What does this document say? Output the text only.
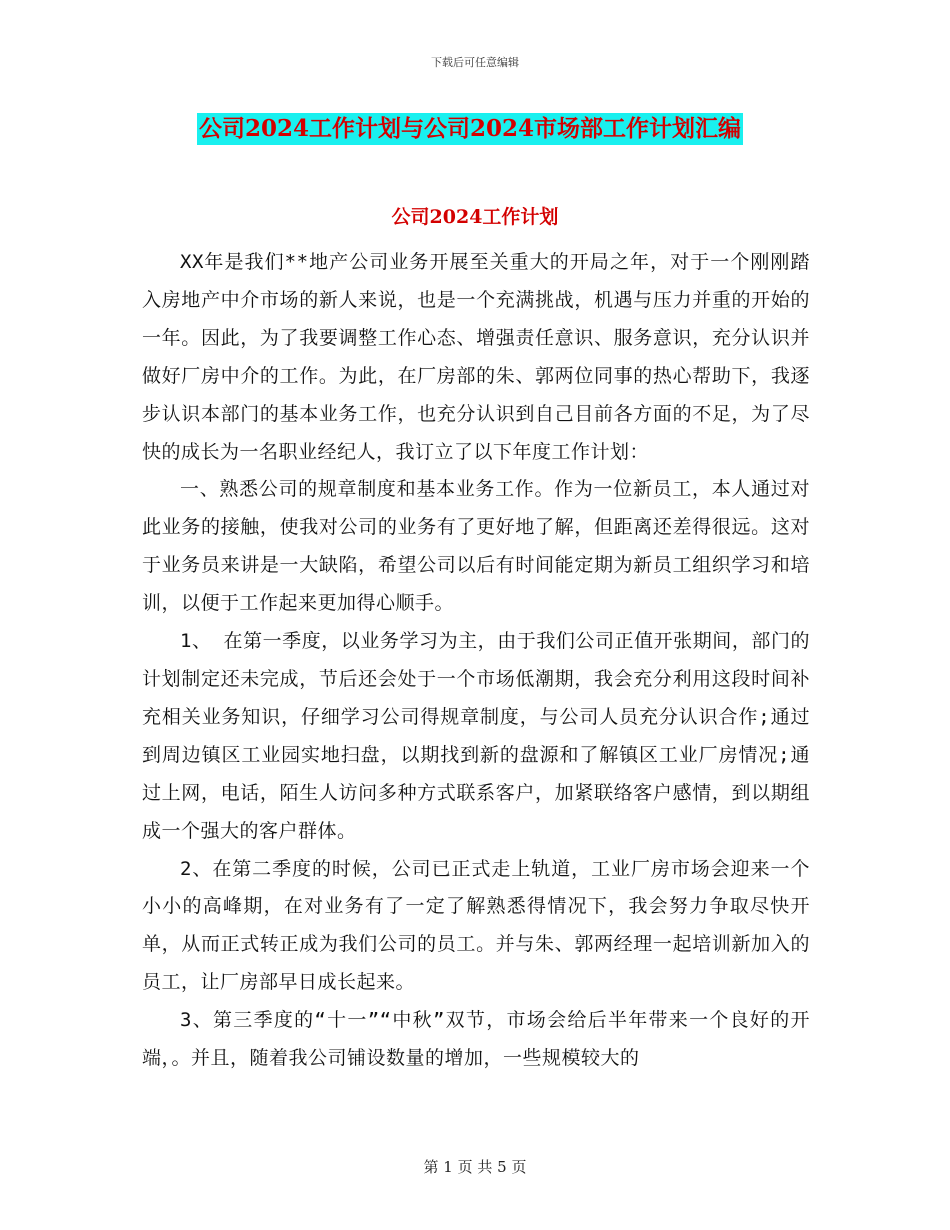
下载后可任意编辑
公司2024工作计划与公司2024市场部工作计划汇编
公司2024工作计划

XX年是我们**地产公司业务开展至关重大的开局之年，对于一个刚刚踏入房地产中介市场的新人来说，也是一个充满挑战，机遇与压力并重的开始的一年。因此，为了我要调整工作心态、增强责任意识、服务意识，充分认识并做好厂房中介的工作。为此，在厂房部的朱、郭两位同事的热心帮助下，我逐步认识本部门的基本业务工作，也充分认识到自己目前各方面的不足，为了尽快的成长为一名职业经纪人，我订立了以下年度工作计划：

一、熟悉公司的规章制度和基本业务工作。作为一位新员工，本人通过对此业务的接触，使我对公司的业务有了更好地了解，但距离还差得很远。这对于业务员来讲是一大缺陷，希望公司以后有时间能定期为新员工组织学习和培训，以便于工作起来更加得心顺手。

1、 在第一季度，以业务学习为主，由于我们公司正值开张期间，部门的计划制定还未完成，节后还会处于一个市场低潮期，我会充分利用这段时间补充相关业务知识，仔细学习公司得规章制度，与公司人员充分认识合作;通过到周边镇区工业园实地扫盘，以期找到新的盘源和了解镇区工业厂房情况;通过上网，电话，陌生人访问多种方式联系客户，加紧联络客户感情，到以期组成一个强大的客户群体。

2、在第二季度的时候，公司已正式走上轨道，工业厂房市场会迎来一个小小的高峰期，在对业务有了一定了解熟悉得情况下，我会努力争取尽快开单，从而正式转正成为我们公司的员工。并与朱、郭两经理一起培训新加入的员工，让厂房部早日成长起来。

3、第三季度的“十一”“中秋”双节，市场会给后半年带来一个良好的开端，。并且，随着我公司铺设数量的增加，一些规模较大的

第 1 页 共 5 页
